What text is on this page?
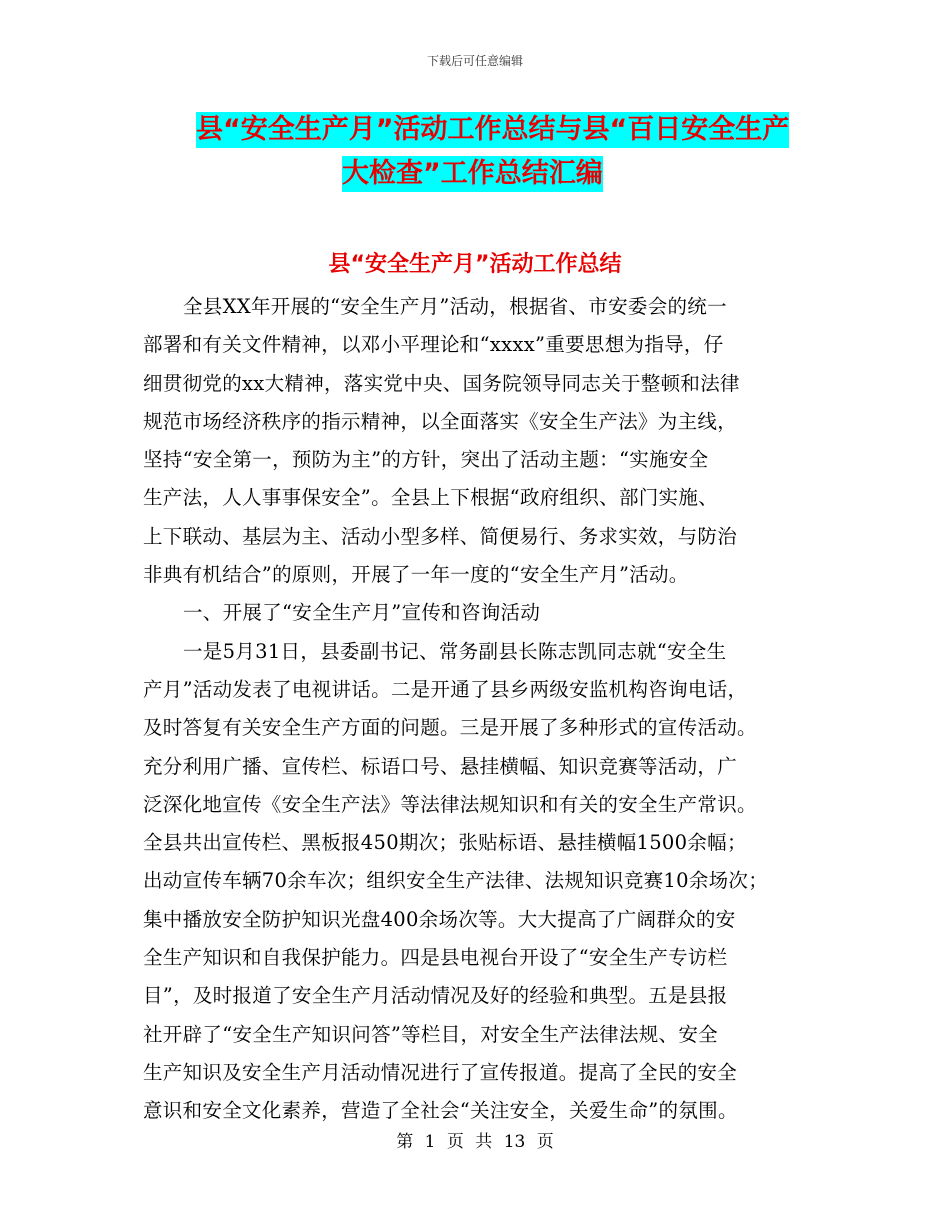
下载后可任意编辑
县“安全生产月”活动工作总结与县“百日安全生产
大检查”工作总结汇编
县“安全生产月”活动工作总结
全县XX年开展的“安全生产月”活动，根据省、市安委会的统一
部署和有关文件精神，以邓小平理论和“xxxx”重要思想为指导，仔
细贯彻党的xx大精神，落实党中央、国务院领导同志关于整顿和法律
规范市场经济秩序的指示精神，以全面落实《安全生产法》为主线，
坚持“安全第一，预防为主”的方针，突出了活动主题：“实施安全
生产法，人人事事保安全”。全县上下根据“政府组织、部门实施、
上下联动、基层为主、活动小型多样、简便易行、务求实效，与防治
非典有机结合”的原则，开展了一年一度的“安全生产月”活动。
一、开展了“安全生产月”宣传和咨询活动
一是5月31日，县委副书记、常务副县长陈志凯同志就“安全生
产月”活动发表了电视讲话。二是开通了县乡两级安监机构咨询电话，
及时答复有关安全生产方面的问题。三是开展了多种形式的宣传活动。
充分利用广播、宣传栏、标语口号、悬挂横幅、知识竞赛等活动，广
泛深化地宣传《安全生产法》等法律法规知识和有关的安全生产常识。
全县共出宣传栏、黑板报450期次；张贴标语、悬挂横幅1500余幅；
出动宣传车辆70余车次；组织安全生产法律、法规知识竞赛10余场次；
集中播放安全防护知识光盘400余场次等。大大提高了广阔群众的安
全生产知识和自我保护能力。四是县电视台开设了“安全生产专访栏
目”，及时报道了安全生产月活动情况及好的经验和典型。五是县报
社开辟了“安全生产知识问答”等栏目，对安全生产法律法规、安全
生产知识及安全生产月活动情况进行了宣传报道。提高了全民的安全
意识和安全文化素养，营造了全社会“关注安全，关爱生命”的氛围。
第 1 页 共 13 页
